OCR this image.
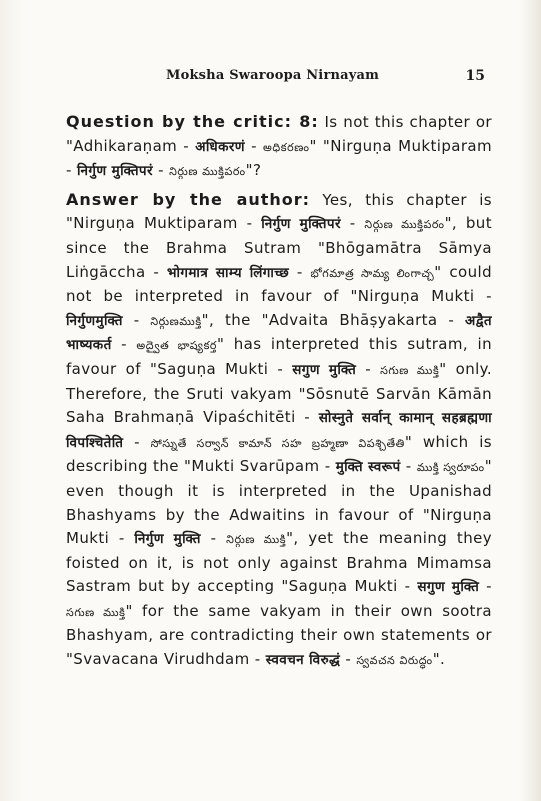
Moksha Swaroopa Nirnayam	15

Question by the critic: 8: Is not this chapter or "Adhikaraṇam - अधिकरणं - అధికరణం" "Nirguṇa Muktiparam - निर्गुण मुक्तिपरं - నిర్గుణ ముక్తిపరం"?

Answer by the author: Yes, this chapter is "Nirguṇa Muktiparam - निर्गुण मुक्तिपरं - నిర్గుణ ముక్తిపరం", but since the Brahma Sutram "Bhōgamātra Sāmya Liṅgāccha - भोगमात्र साम्य लिंगाच्छ - భోగమాత్ర సామ్య లింగాచ్చ" could not be interpreted in favour of "Nirguṇa Mukti - निर्गुणमुक्ति - నిర్గుణముక్తి", the "Advaita Bhāṣyakarta - अद्वैत भाष्यकर्त - అద్వైత భాష్యకర్త" has interpreted this sutram, in favour of "Saguṇa Mukti - सगुण मुक्ति - సగుణ ముక్తి" only. Therefore, the Sruti vakyam "Sōsnutē Sarvān Kāmān Saha Brahmaṇā Vipaśchitēti - सोस्नुते सर्वान् कामान् सहब्रह्मणा विपश्चितेति - సోస్నుతే సర్వాన్ కామాన్ సహ బ్రహ్మణా విపశ్చితేతి" which is describing the "Mukti Svarūpam - मुक्ति स्वरूपं - ముక్తి స్వరూపం" even though it is interpreted in the Upanishad Bhashyams by the Adwaitins in favour of "Nirguṇa Mukti - निर्गुण मुक्ति - నిర్గుణ ముక్తి", yet the meaning they foisted on it, is not only against Brahma Mimamsa Sastram but by accepting "Saguṇa Mukti - सगुण मुक्ति - సగుణ ముక్తి" for the same vakyam in their own sootra Bhashyam, are contradicting their own statements or "Svavacana Virudhdam - स्ववचन विरुद्धं - స్వవచన విరుద్ధం".
